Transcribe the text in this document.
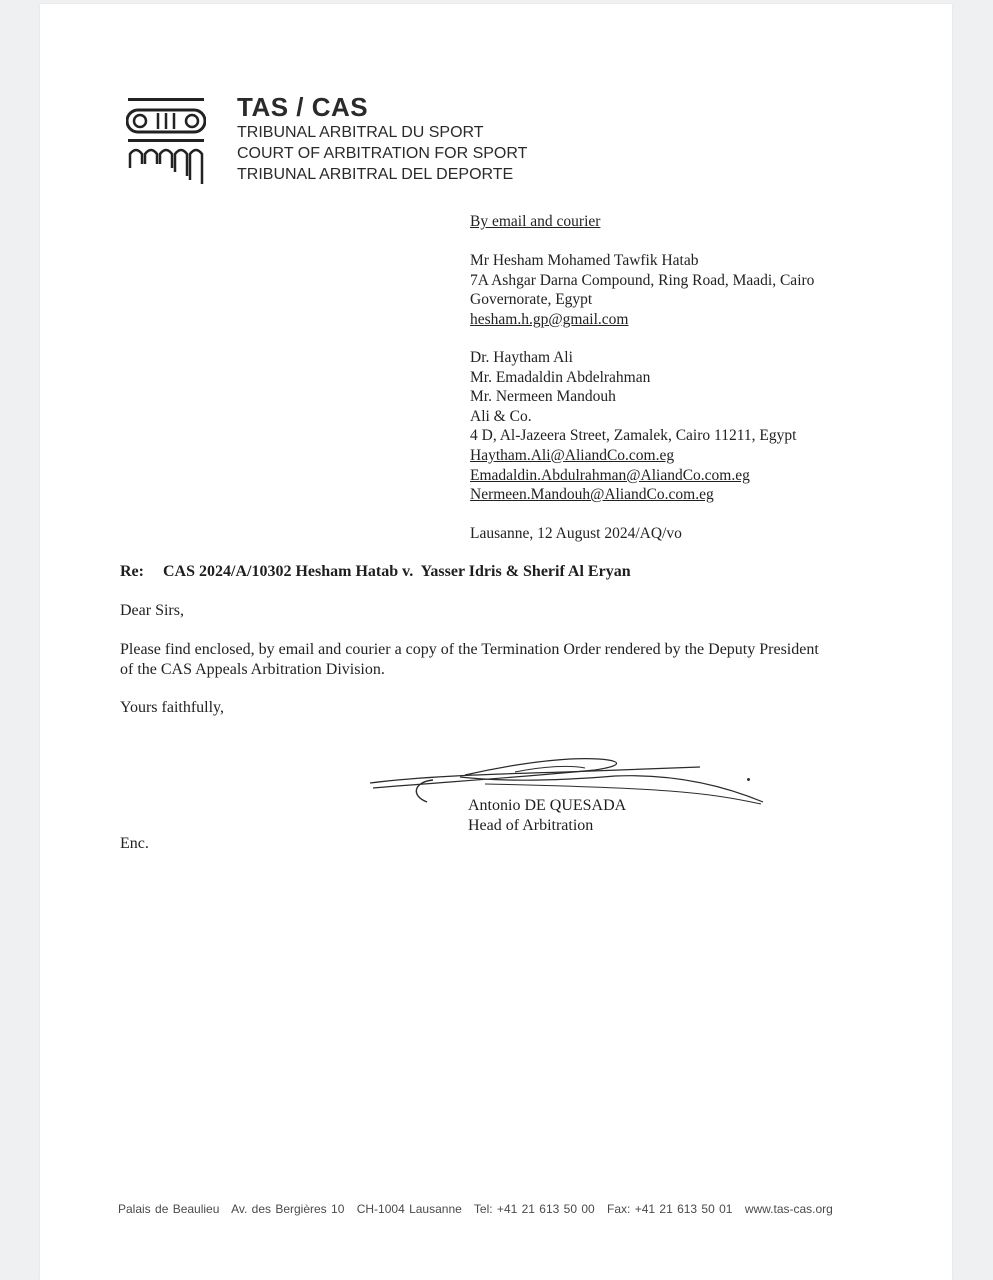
TAS / CAS
TRIBUNAL ARBITRAL DU SPORT
COURT OF ARBITRATION FOR SPORT
TRIBUNAL ARBITRAL DEL DEPORTE
By email and courier
Mr Hesham Mohamed Tawfik Hatab
7A Ashgar Darna Compound, Ring Road, Maadi, Cairo
Governorate, Egypt
hesham.h.gp@gmail.com
Dr. Haytham Ali
Mr. Emadaldin Abdelrahman
Mr. Nermeen Mandouh
Ali & Co.
4 D, Al-Jazeera Street, Zamalek, Cairo 11211, Egypt
Haytham.Ali@AliandCo.com.eg
Emadaldin.Abdulrahman@AliandCo.com.eg
Nermeen.Mandouh@AliandCo.com.eg
Lausanne, 12 August 2024/AQ/vo
Re: CAS 2024/A/10302 Hesham Hatab v.  Yasser Idris & Sherif Al Eryan
Dear Sirs,
Please find enclosed, by email and courier a copy of the Termination Order rendered by the Deputy President
of the CAS Appeals Arbitration Division.
Yours faithfully,
Antonio DE QUESADA
Head of Arbitration
Enc.
Palais de Beaulieu Av. des Bergières 10 CH-1004 Lausanne Tel: +41 21 613 50 00 Fax: +41 21 613 50 01 www.tas-cas.org
